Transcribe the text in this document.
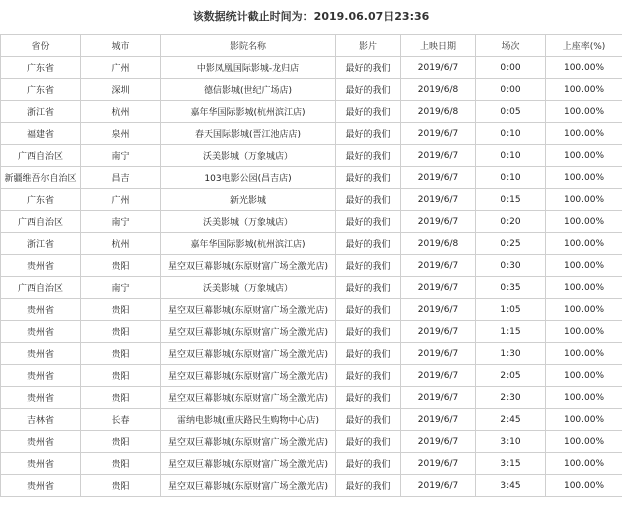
该数据统计截止时间为：2019.06.07日23:36
省份	城市	影院名称	影片	上映日期	场次	上座率(%)
广东省	广州	中影凤凰国际影城-龙归店	最好的我们	2019/6/7	0:00	100.00%
广东省	深圳	德信影城(世纪广场店)	最好的我们	2019/6/8	0:00	100.00%
浙江省	杭州	嘉年华国际影城(杭州滨江店)	最好的我们	2019/6/8	0:05	100.00%
福建省	泉州	春天国际影城(晋江池店店)	最好的我们	2019/6/7	0:10	100.00%
广西自治区	南宁	沃美影城（万象城店）	最好的我们	2019/6/7	0:10	100.00%
新疆维吾尔自治区	昌吉	103电影公园(昌吉店)	最好的我们	2019/6/7	0:10	100.00%
广东省	广州	新光影城	最好的我们	2019/6/7	0:15	100.00%
广西自治区	南宁	沃美影城（万象城店）	最好的我们	2019/6/7	0:20	100.00%
浙江省	杭州	嘉年华国际影城(杭州滨江店)	最好的我们	2019/6/8	0:25	100.00%
贵州省	贵阳	星空双巨幕影城(东原财富广场全激光店)	最好的我们	2019/6/7	0:30	100.00%
广西自治区	南宁	沃美影城（万象城店）	最好的我们	2019/6/7	0:35	100.00%
贵州省	贵阳	星空双巨幕影城(东原财富广场全激光店)	最好的我们	2019/6/7	1:05	100.00%
贵州省	贵阳	星空双巨幕影城(东原财富广场全激光店)	最好的我们	2019/6/7	1:15	100.00%
贵州省	贵阳	星空双巨幕影城(东原财富广场全激光店)	最好的我们	2019/6/7	1:30	100.00%
贵州省	贵阳	星空双巨幕影城(东原财富广场全激光店)	最好的我们	2019/6/7	2:05	100.00%
贵州省	贵阳	星空双巨幕影城(东原财富广场全激光店)	最好的我们	2019/6/7	2:30	100.00%
吉林省	长春	雷纳电影城(重庆路民生购物中心店)	最好的我们	2019/6/7	2:45	100.00%
贵州省	贵阳	星空双巨幕影城(东原财富广场全激光店)	最好的我们	2019/6/7	3:10	100.00%
贵州省	贵阳	星空双巨幕影城(东原财富广场全激光店)	最好的我们	2019/6/7	3:15	100.00%
贵州省	贵阳	星空双巨幕影城(东原财富广场全激光店)	最好的我们	2019/6/7	3:45	100.00%
